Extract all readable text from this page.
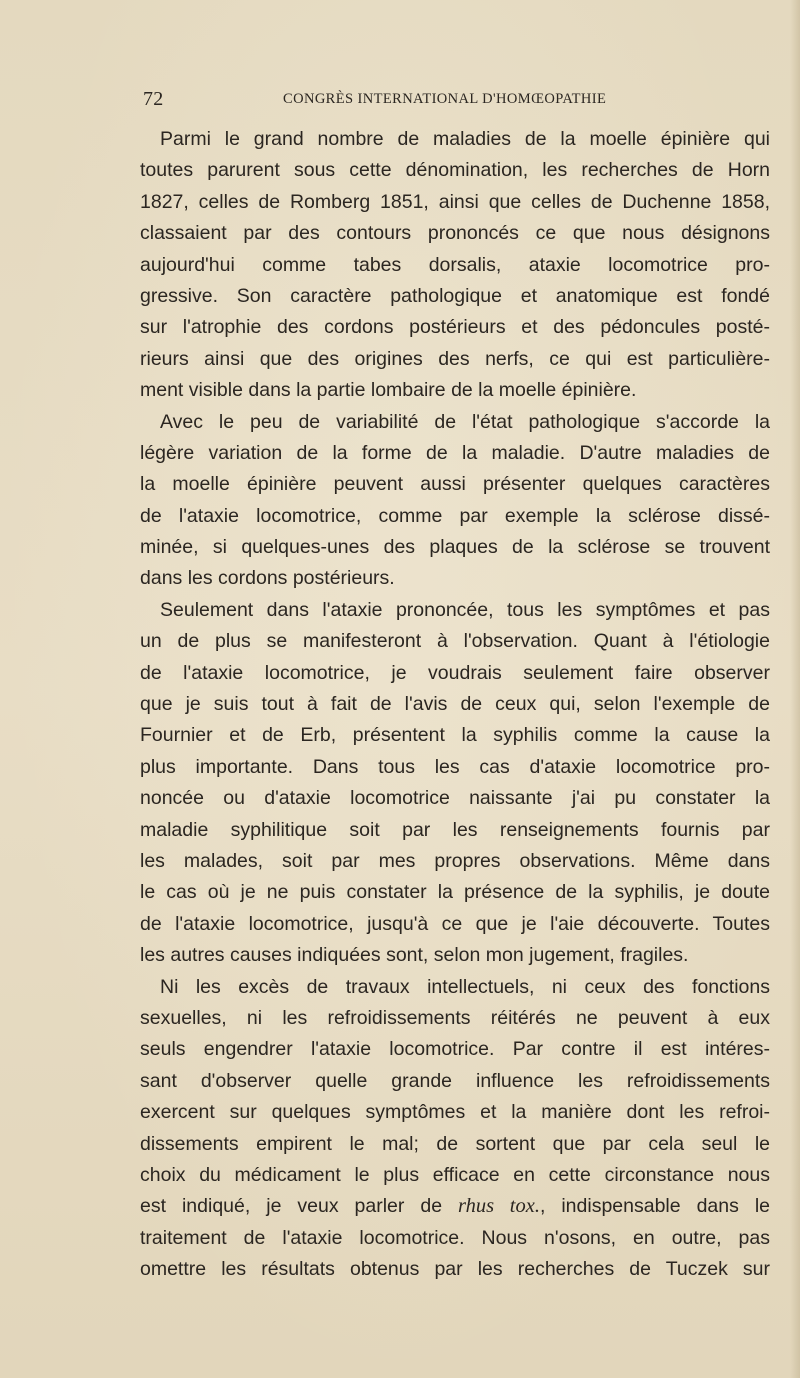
72	CONGRÈS INTERNATIONAL D'HOMŒOPATHIE
Parmi le grand nombre de maladies de la moelle épinière qui
toutes parurent sous cette dénomination, les recherches de Horn
1827, celles de Romberg 1851, ainsi que celles de Duchenne 1858,
classaient par des contours prononcés ce que nous désignons
aujourd'hui comme tabes dorsalis, ataxie locomotrice pro-
gressive. Son caractère pathologique et anatomique est fondé
sur l'atrophie des cordons postérieurs et des pédoncules posté-
rieurs ainsi que des origines des nerfs, ce qui est particulière-
ment visible dans la partie lombaire de la moelle épinière.
Avec le peu de variabilité de l'état pathologique s'accorde la
légère variation de la forme de la maladie. D'autre maladies de
la moelle épinière peuvent aussi présenter quelques caractères
de l'ataxie locomotrice, comme par exemple la sclérose dissé-
minée, si quelques-unes des plaques de la sclérose se trouvent
dans les cordons postérieurs.
Seulement dans l'ataxie prononcée, tous les symptômes et pas
un de plus se manifesteront à l'observation. Quant à l'étiologie
de l'ataxie locomotrice, je voudrais seulement faire observer
que je suis tout à fait de l'avis de ceux qui, selon l'exemple de
Fournier et de Erb, présentent la syphilis comme la cause la
plus importante. Dans tous les cas d'ataxie locomotrice pro-
noncée ou d'ataxie locomotrice naissante j'ai pu constater la
maladie syphilitique soit par les renseignements fournis par
les malades, soit par mes propres observations. Même dans
le cas où je ne puis constater la présence de la syphilis, je doute
de l'ataxie locomotrice, jusqu'à ce que je l'aie découverte. Toutes
les autres causes indiquées sont, selon mon jugement, fragiles.
Ni les excès de travaux intellectuels, ni ceux des fonctions
sexuelles, ni les refroidissements réitérés ne peuvent à eux
seuls engendrer l'ataxie locomotrice. Par contre il est intéres-
sant d'observer quelle grande influence les refroidissements
exercent sur quelques symptômes et la manière dont les refroi-
dissements empirent le mal; de sortent que par cela seul le
choix du médicament le plus efficace en cette circonstance nous
est indiqué, je veux parler de rhus tox., indispensable dans le
traitement de l'ataxie locomotrice. Nous n'osons, en outre, pas
omettre les résultats obtenus par les recherches de Tuczek sur
